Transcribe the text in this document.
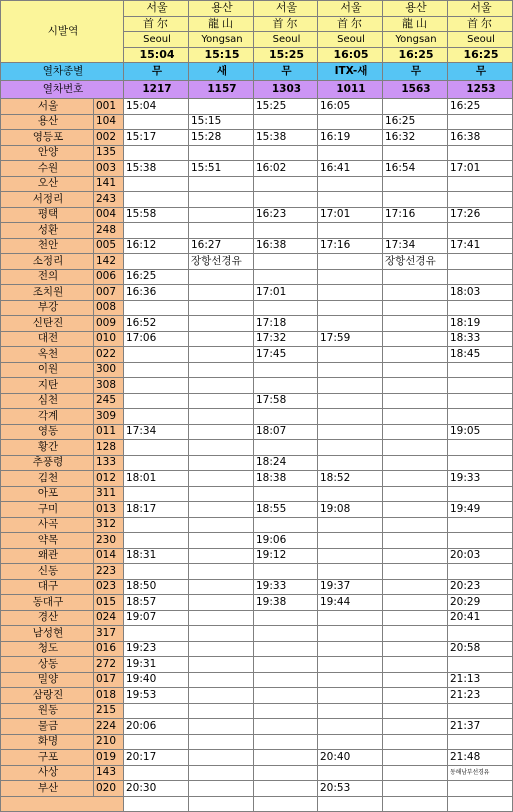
시발역		서울	용산	서울	서울	용산	서울
		首尔	龍山	首尔	首尔	龍山	首尔
		Seoul	Yongsan	Seoul	Seoul	Yongsan	Seoul
		15:04	15:15	15:25	16:05	16:25	16:25
열차종별		무	새	무	ITX-새	무	무
열차번호		1217	1157	1303	1011	1563	1253
서울	001	15:04		15:25	16:05		16:25
용산	104		15:15			16:25	
영등포	002	15:17	15:28	15:38	16:19	16:32	16:38
안양	135						
수원	003	15:38	15:51	16:02	16:41	16:54	17:01
오산	141						
서정리	243						
평택	004	15:58		16:23	17:01	17:16	17:26
성환	248						
천안	005	16:12	16:27	16:38	17:16	17:34	17:41
소정리	142		장항선경유			장항선경유	
전의	006	16:25					
조치원	007	16:36		17:01			18:03
부강	008						
신탄진	009	16:52		17:18			18:19
대전	010	17:06		17:32	17:59		18:33
옥천	022			17:45			18:45
이원	300						
지탄	308						
심천	245			17:58			
각계	309						
영동	011	17:34		18:07			19:05
황간	128						
추풍령	133			18:24			
김천	012	18:01		18:38	18:52		19:33
아포	311						
구미	013	18:17		18:55	19:08		19:49
사곡	312						
약목	230			19:06			
왜관	014	18:31		19:12			20:03
신동	223						
대구	023	18:50		19:33	19:37		20:23
동대구	015	18:57		19:38	19:44		20:29
경산	024	19:07					20:41
남성현	317						
청도	016	19:23					20:58
상동	272	19:31					
밀양	017	19:40					21:13
삼랑진	018	19:53					21:23
원동	215						
물금	224	20:06					21:37
화명	210						
구포	019	20:17			20:40		21:48
사상	143						동해남부선경유
부산	020	20:30			20:53		
